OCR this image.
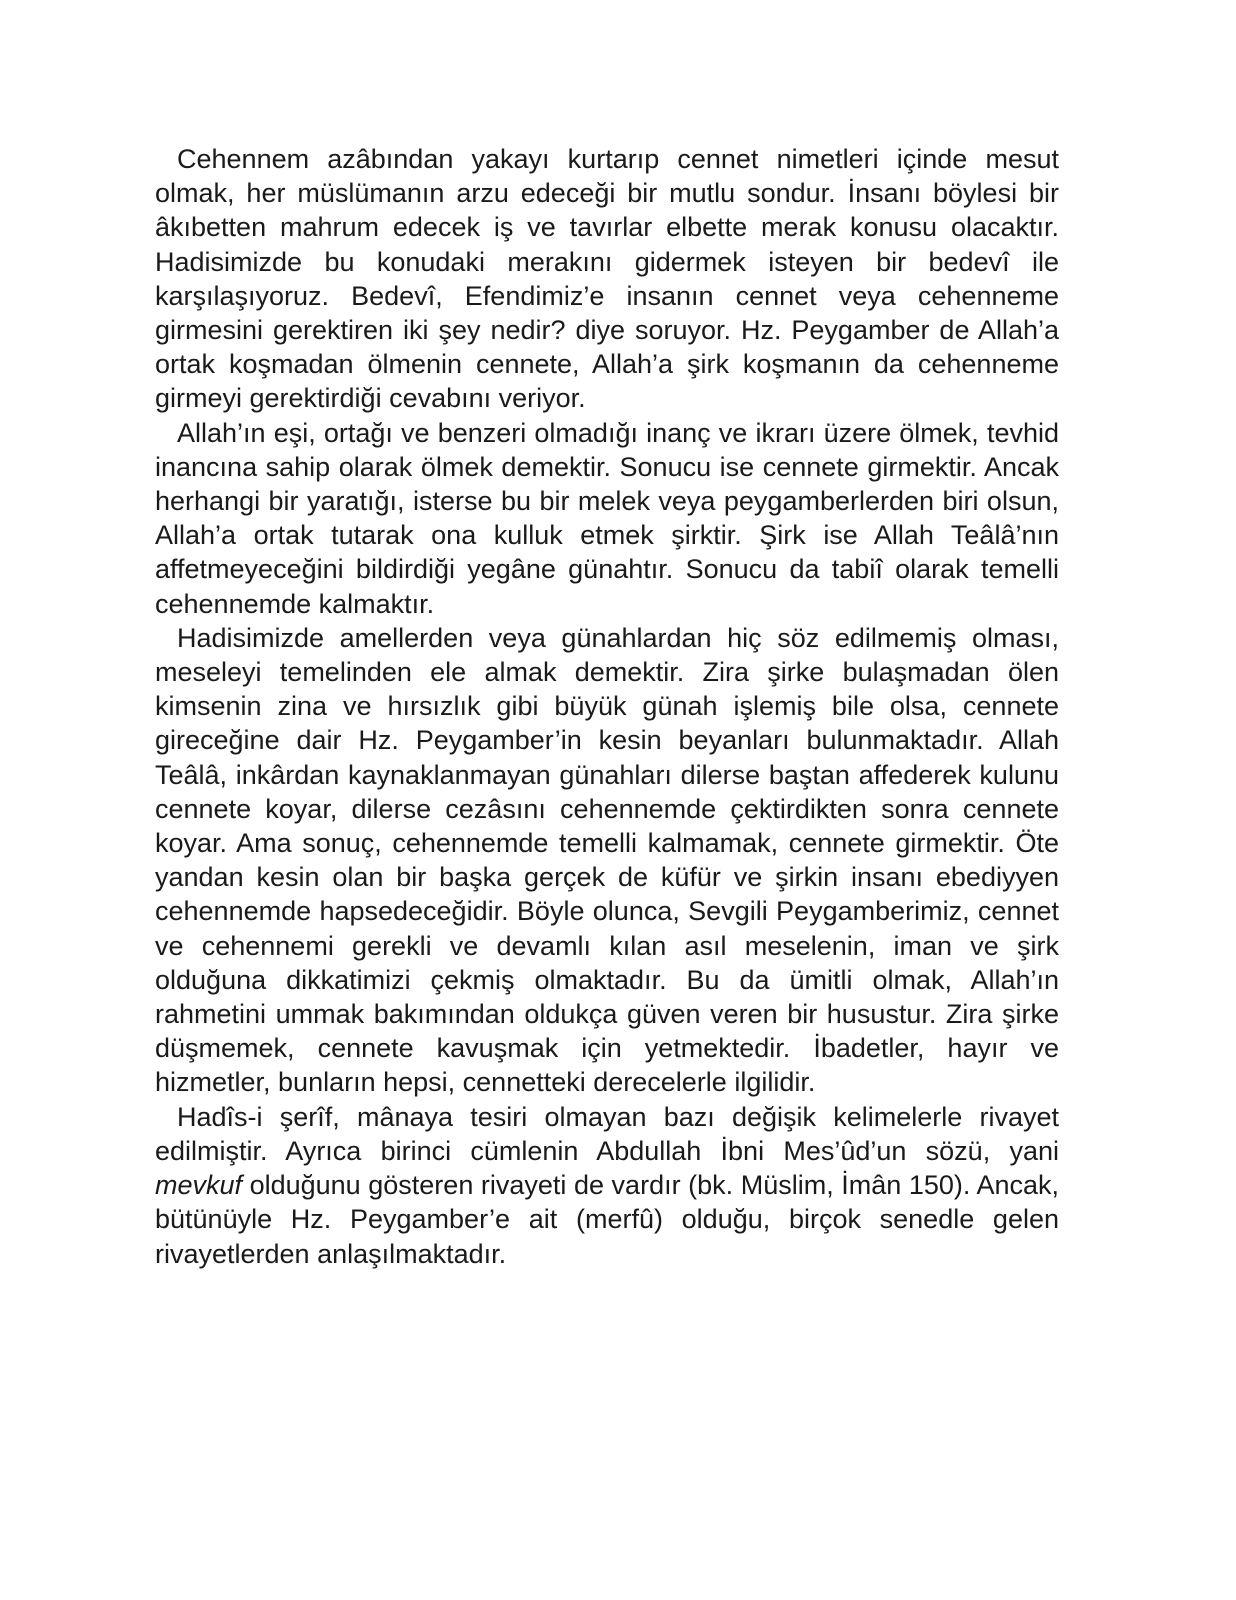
Cehennem azâbından yakayı kurtarıp cennet nimetleri içinde mesut olmak, her müslümanın arzu edeceği bir mutlu sondur. İnsanı böylesi bir âkıbetten mahrum edecek iş ve tavırlar elbette merak konusu olacaktır. Hadisimizde bu konudaki merakını gidermek isteyen bir bedevî ile karşılaşıyoruz. Bedevî, Efendimiz’e insanın cennet veya cehenneme girmesini gerektiren iki şey nedir? diye soruyor. Hz. Peygamber de Allah’a ortak koşmadan ölmenin cennete, Allah’a şirk koşmanın da cehenneme girmeyi gerektirdiği cevabını veriyor.

Allah’ın eşi, ortağı ve benzeri olmadığı inanç ve ikrarı üzere ölmek, tevhid inancına sahip olarak ölmek demektir. Sonucu ise cennete girmektir. Ancak herhangi bir yaratığı, isterse bu bir melek veya peygamberlerden biri olsun, Allah’a ortak tutarak ona kulluk etmek şirktir. Şirk ise Allah Teâlâ’nın affetmeyeceğini bildirdiği yegâne günahtır. Sonucu da tabiî olarak temelli cehennemde kalmaktır.

Hadisimizde amellerden veya günahlardan hiç söz edilmemiş olması, meseleyi temelinden ele almak demektir. Zira şirke bulaşmadan ölen kimsenin zina ve hırsızlık gibi büyük günah işlemiş bile olsa, cennete gireceğine dair Hz. Peygamber’in kesin beyanları bulunmaktadır. Allah Teâlâ, inkârdan kaynaklanmayan günahları dilerse baştan affederek kulunu cennete koyar, dilerse cezâsını cehennemde çektirdikten sonra cennete koyar. Ama sonuç, cehennemde temelli kalmamak, cennete girmektir. Öte yandan kesin olan bir başka gerçek de küfür ve şirkin insanı ebediyyen cehennemde hapsedeceğidir. Böyle olunca, Sevgili Peygamberimiz, cennet ve cehennemi gerekli ve devamlı kılan asıl meselenin, iman ve şirk olduğuna dikkatimizi çekmiş olmaktadır. Bu da ümitli olmak, Allah’ın rahmetini ummak bakımından oldukça güven veren bir husustur. Zira şirke düşmemek, cennete kavuşmak için yetmektedir. İbadetler, hayır ve hizmetler, bunların hepsi, cennetteki derecelerle ilgilidir.

Hadîs-i şerîf, mânaya tesiri olmayan bazı değişik kelimelerle rivayet edilmiştir. Ayrıca birinci cümlenin Abdullah İbni Mes’ûd’un sözü, yani mevkuf olduğunu gösteren rivayeti de vardır (bk. Müslim, İmân 150). Ancak, bütünüyle Hz. Peygamber’e ait (merfû) olduğu, birçok senedle gelen rivayetlerden anlaşılmaktadır.
